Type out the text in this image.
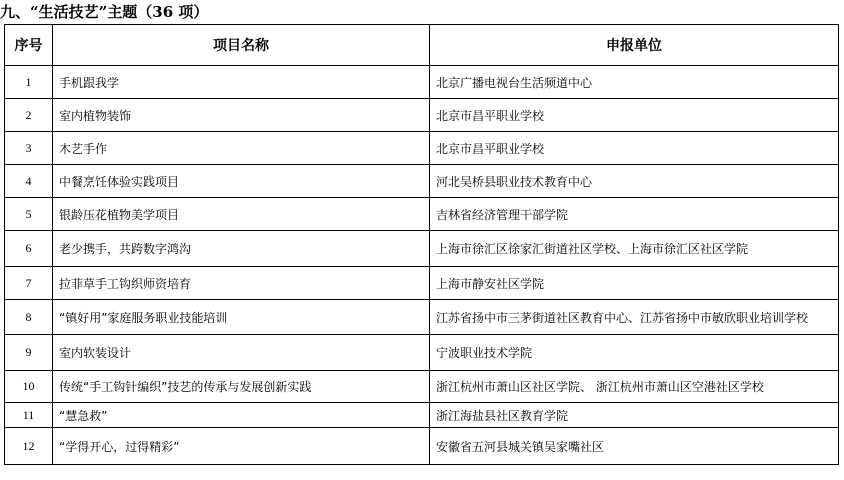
九、“生活技艺”主题（36 项）
序号	项目名称	申报单位
1	手机跟我学	北京广播电视台生活频道中心
2	室内植物装饰	北京市昌平职业学校
3	木艺手作	北京市昌平职业学校
4	中餐烹饪体验实践项目	河北吴桥县职业技术教育中心
5	银龄压花植物美学项目	吉林省经济管理干部学院
6	老少携手，共跨数字鸿沟	上海市徐汇区徐家汇街道社区学校、上海市徐汇区社区学院
7	拉菲草手工钩织师资培育	上海市静安社区学院
8	“镇好用”家庭服务职业技能培训	江苏省扬中市三茅街道社区教育中心、江苏省扬中市敏欣职业培训学校
9	室内软装设计	宁波职业技术学院
10	传统“手工钩针编织”技艺的传承与发展创新实践	浙江杭州市萧山区社区学院、 浙江杭州市萧山区空港社区学校
11	“慧急救”	浙江海盐县社区教育学院
12	“学得开心，过得精彩”	安徽省五河县城关镇吴家嘴社区
